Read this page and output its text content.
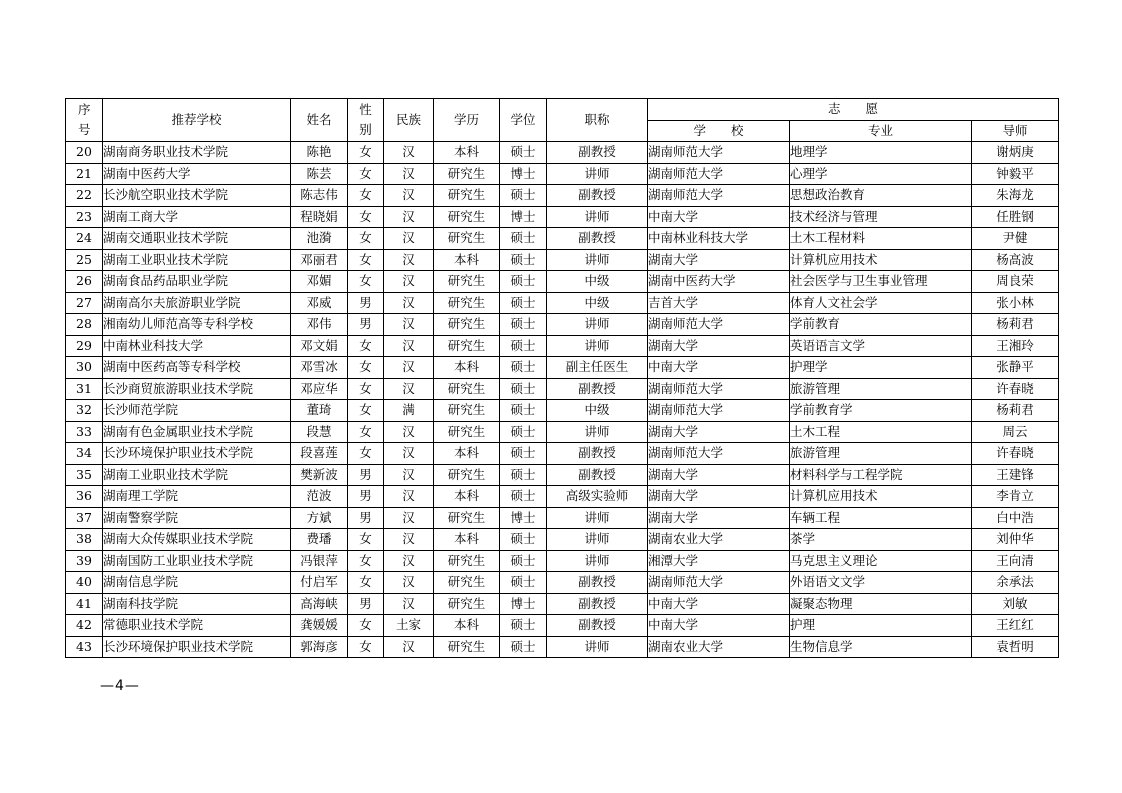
序号	推荐学校	姓名	性别	民族	学历	学位	职称	志　　愿		
								学　　校	专业	导师
20	湖南商务职业技术学院	陈艳	女	汉	本科	硕士	副教授	湖南师范大学	地理学	谢炳庚
21	湖南中医药大学	陈芸	女	汉	研究生	博士	讲师	湖南师范大学	心理学	钟毅平
22	长沙航空职业技术学院	陈志伟	女	汉	研究生	硕士	副教授	湖南师范大学	思想政治教育	朱海龙
23	湖南工商大学	程晓娟	女	汉	研究生	博士	讲师	中南大学	技术经济与管理	任胜钢
24	湖南交通职业技术学院	池漪	女	汉	研究生	硕士	副教授	中南林业科技大学	土木工程材料	尹健
25	湖南工业职业技术学院	邓丽君	女	汉	本科	硕士	讲师	湖南大学	计算机应用技术	杨高波
26	湖南食品药品职业学院	邓媚	女	汉	研究生	硕士	中级	湖南中医药大学	社会医学与卫生事业管理	周良荣
27	湖南高尔夫旅游职业学院	邓威	男	汉	研究生	硕士	中级	吉首大学	体育人文社会学	张小林
28	湘南幼儿师范高等专科学校	邓伟	男	汉	研究生	硕士	讲师	湖南师范大学	学前教育	杨莉君
29	中南林业科技大学	邓文娟	女	汉	研究生	硕士	讲师	湖南大学	英语语言文学	王湘玲
30	湖南中医药高等专科学校	邓雪冰	女	汉	本科	硕士	副主任医生	中南大学	护理学	张静平
31	长沙商贸旅游职业技术学院	邓应华	女	汉	研究生	硕士	副教授	湖南师范大学	旅游管理	许春晓
32	长沙师范学院	董琦	女	满	研究生	硕士	中级	湖南师范大学	学前教育学	杨莉君
33	湖南有色金属职业技术学院	段慧	女	汉	研究生	硕士	讲师	湖南大学	土木工程	周云
34	长沙环境保护职业技术学院	段喜莲	女	汉	本科	硕士	副教授	湖南师范大学	旅游管理	许春晓
35	湖南工业职业技术学院	樊新波	男	汉	研究生	硕士	副教授	湖南大学	材料科学与工程学院	王建锋
36	湖南理工学院	范波	男	汉	本科	硕士	高级实验师	湖南大学	计算机应用技术	李肯立
37	湖南警察学院	方斌	男	汉	研究生	博士	讲师	湖南大学	车辆工程	白中浩
38	湖南大众传媒职业技术学院	费璠	女	汉	本科	硕士	讲师	湖南农业大学	茶学	刘仲华
39	湖南国防工业职业技术学院	冯银萍	女	汉	研究生	硕士	讲师	湘潭大学	马克思主义理论	王向清
40	湖南信息学院	付启军	女	汉	研究生	硕士	副教授	湖南师范大学	外语语文文学	余承法
41	湖南科技学院	高海峡	男	汉	研究生	博士	副教授	中南大学	凝聚态物理	刘敏
42	常德职业技术学院	龚媛媛	女	土家	本科	硕士	副教授	中南大学	护理	王红红
43	长沙环境保护职业技术学院	郭海彦	女	汉	研究生	硕士	讲师	湖南农业大学	生物信息学	袁哲明
—4—
